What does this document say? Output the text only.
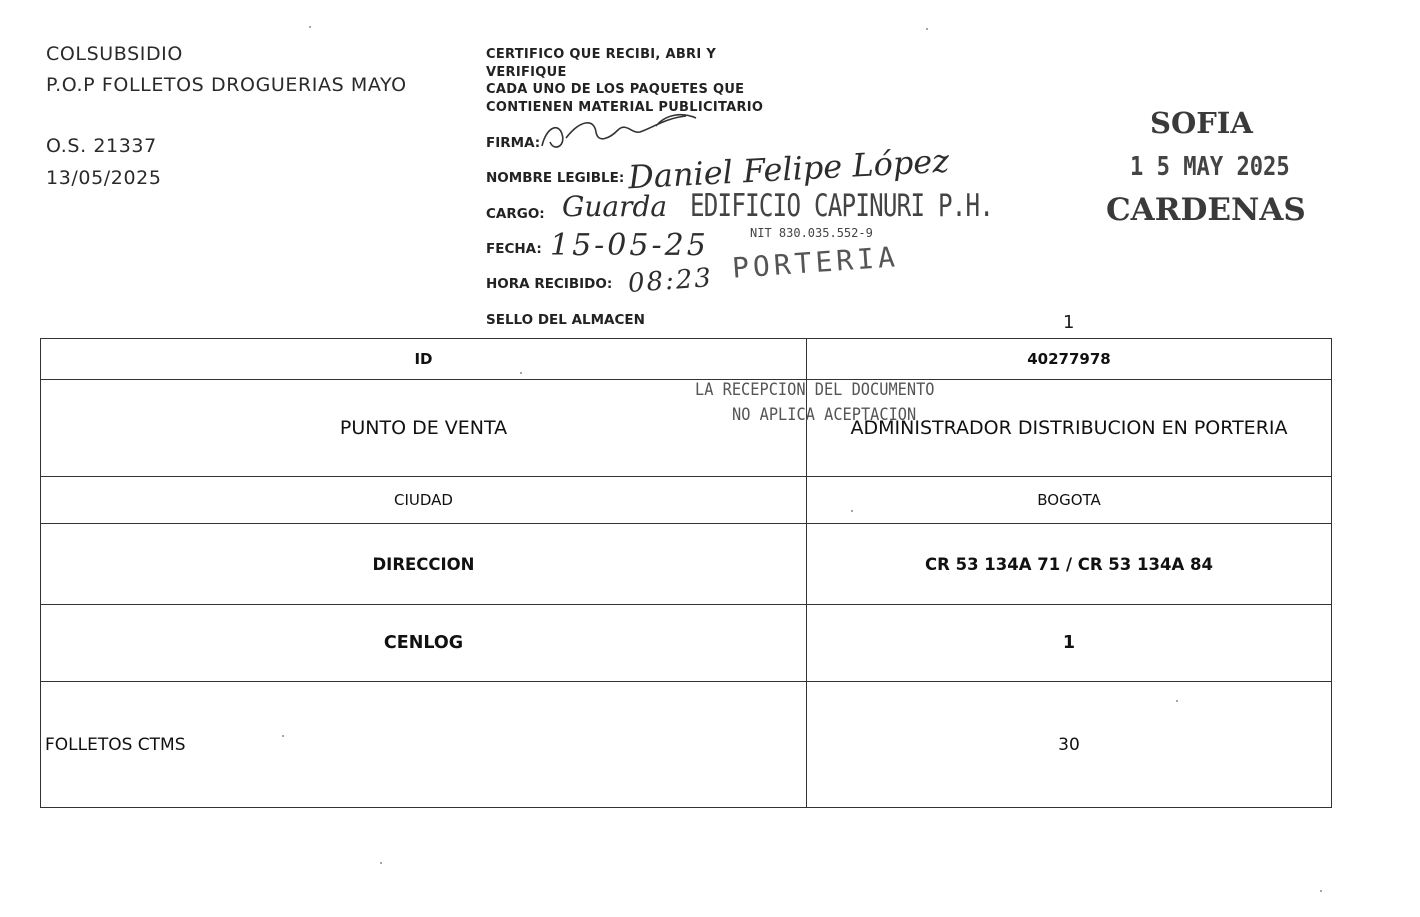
COLSUBSIDIO
P.O.P FOLLETOS DROGUERIAS MAYO
O.S. 21337
13/05/2025
CERTIFICO QUE RECIBI, ABRI Y
VERIFIQUE
CADA UNO DE LOS PAQUETES QUE
CONTIENEN MATERIAL PUBLICITARIO
FIRMA:
NOMBRE LEGIBLE:
CARGO:
FECHA:
HORA RECIBIDO:
SELLO DEL ALMACEN
Daniel Felipe López
Guarda
15-05-25
08:23
EDIFICIO CAPINURI P.H.
NIT 830.035.552-9
PORTERIA
SOFIA
1 5 MAY 2025
CARDENAS
1
ID	40277978
PUNTO DE VENTA	ADMINISTRADOR DISTRIBUCION EN PORTERIA
CIUDAD	BOGOTA
DIRECCION	CR 53 134A 71 / CR 53 134A 84
CENLOG	1
FOLLETOS CTMS	30
LA RECEPCION DEL DOCUMENTO
NO APLICA ACEPTACION
